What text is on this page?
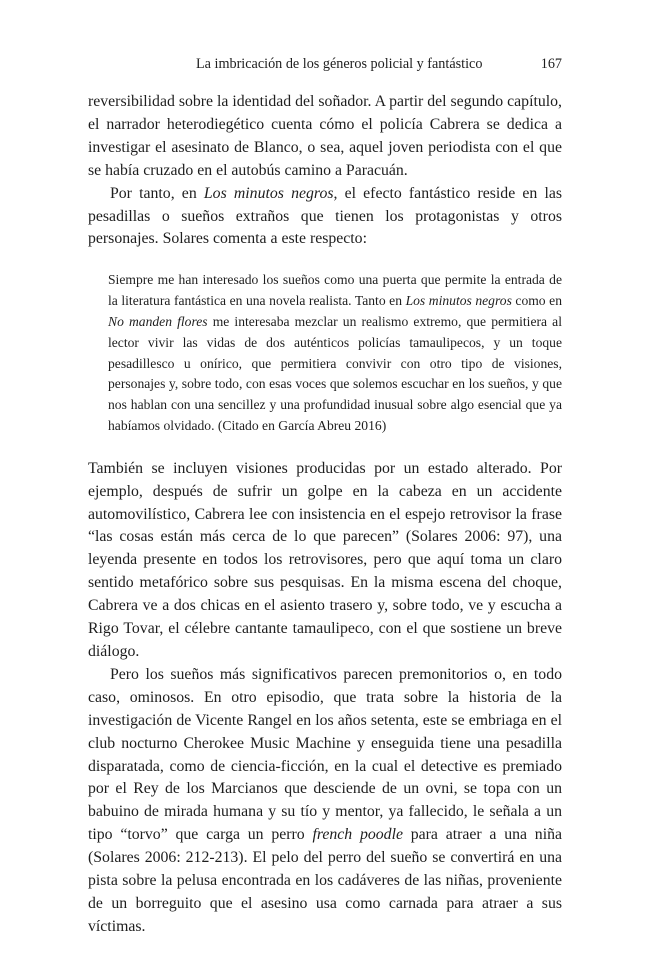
La imbricación de los géneros policial y fantástico	167

reversibilidad sobre la identidad del soñador. A partir del segundo capítulo, el narrador heterodiegético cuenta cómo el policía Cabrera se dedica a investigar el asesinato de Blanco, o sea, aquel joven periodista con el que se había cruzado en el autobús camino a Paracuán.

Por tanto, en Los minutos negros, el efecto fantástico reside en las pesadillas o sueños extraños que tienen los protagonistas y otros personajes. Solares comenta a este respecto:

Siempre me han interesado los sueños como una puerta que permite la entrada de la literatura fantástica en una novela realista. Tanto en Los minutos negros como en No manden flores me interesaba mezclar un realismo extremo, que permitiera al lector vivir las vidas de dos auténticos policías tamaulipecos, y un toque pesadillesco u onírico, que permitiera convivir con otro tipo de visiones, personajes y, sobre todo, con esas voces que solemos escuchar en los sueños, y que nos hablan con una sencillez y una profundidad inusual sobre algo esencial que ya habíamos olvidado. (Citado en García Abreu 2016)

También se incluyen visiones producidas por un estado alterado. Por ejemplo, después de sufrir un golpe en la cabeza en un accidente automovilístico, Cabrera lee con insistencia en el espejo retrovisor la frase “las cosas están más cerca de lo que parecen” (Solares 2006: 97), una leyenda presente en todos los retrovisores, pero que aquí toma un claro sentido metafórico sobre sus pesquisas. En la misma escena del choque, Cabrera ve a dos chicas en el asiento trasero y, sobre todo, ve y escucha a Rigo Tovar, el célebre cantante tamaulipeco, con el que sostiene un breve diálogo.

Pero los sueños más significativos parecen premonitorios o, en todo caso, ominosos. En otro episodio, que trata sobre la historia de la investigación de Vicente Rangel en los años setenta, este se embriaga en el club nocturno Cherokee Music Machine y enseguida tiene una pesadilla disparatada, como de ciencia-ficción, en la cual el detective es premiado por el Rey de los Marcianos que desciende de un ovni, se topa con un babuino de mirada humana y su tío y mentor, ya fallecido, le señala a un tipo “torvo” que carga un perro french poodle para atraer a una niña (Solares 2006: 212-213). El pelo del perro del sueño se convertirá en una pista sobre la pelusa encontrada en los cadáveres de las niñas, proveniente de un borreguito que el asesino usa como carnada para atraer a sus víctimas.
